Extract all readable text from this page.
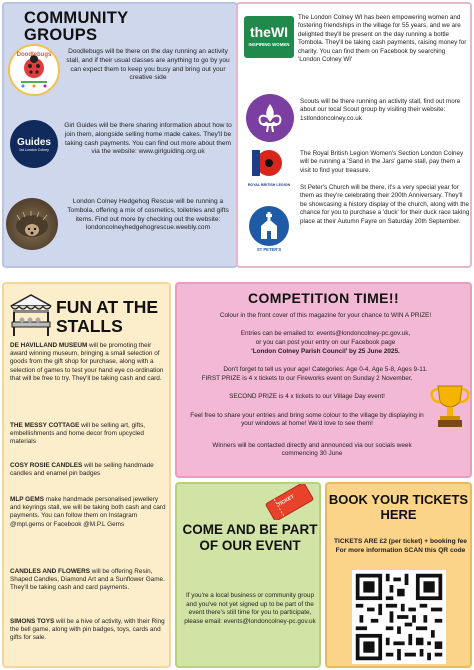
COMMUNITY
GROUPS
Doodlebugs	Doodlebugs will be there on the day running an activity stall, and if their usual classes are anything to go by you can expect them to keep you busy and bring out your creative side
Guides
1st London Colney
Girl Guides will be there sharing information about how to join them, alongside selling home made cakes. They'll be taking cash payments. You can find out more about them via the website: www.girlguiding.org.uk
London Colney Hedgehog Rescue will be running a Tombola, offering a mix of cosmetics, toiletries and gifts items. Find out more by checking out the website: londoncolneyhedgehogrescue.weebly.com
theWI
INSPIRING WOMEN
The London Colney WI has been empowering women and fostering friendships in the village for 55 years, and we are delighted they'll be present on the day running a bottle Tombola. They'll be taking cash payments, raising money for charity. You can find them on Facebook by searching 'London Colney WI'
Scouts will be there running an activity stall, find out more about our local Scout group by visiting their website: 1stlondoncolney.co.uk
ROYAL BRITISH LEGION
The Royal British Legion Women's Section London Colney will be running a 'Sand in the Jars' game stall, pay them a visit to find your treasure.
ST PETER'S
St Peter's Church will be there, it's a very special year for them as they're celebrating their 200th Anniversary. They'll be showcasing a history display of the church, along with the chance for you to purchase a 'duck' for their duck race taking place at their Autumn Fayre on Saturday 20th September.
FUN AT THE
STALLS
DE HAVILLAND MUSEUM will be promoting their award winning museum, bringing a small selection of goods from the gift shop for purchase, along with a selection of games to test your hand eye co-ordination that will be free to try. They'll be taking cash and card.
THE MESSY COTTAGE will be selling art, gifts, embellishments and home decor from upcycled materials
COSY ROSIE CANDLES will be selling handmade candles and enamel pin badges
MLP GEMS make handmade personalised jewellery and keyrings stall, we will be taking both cash and card payments. You can follow them on Instagram @mpl.gems or Facebook @M.P.L Gems
CANDLES AND FLOWERS will be offering Resin, Shaped Candles, Diamond Art and a Sunflower Game. They'll be taking cash and card payments.
SIMONS TOYS will be a hive of activity, with their Ring the bell game, along with pin badges, toys, cards and gifts for sale.
COMPETITION TIME!!
Colour in the front cover of this magazine for your chance to WIN A PRIZE!
Entries can be emailed to: events@londoncolney-pc.gov.uk,
or you can post your entry on our Facebook page
'London Colney Parish Council' by 25 June 2025.
Don't forget to tell us your age! Categories: Age 0-4, Age 5-8, Ages 9-11.
FIRST PRIZE is 4 x tickets to our Fireworks event on Sunday 2 November,
SECOND PRIZE is 4 x tickets to our Village Day event!
Feel free to share your entries and bring some colour to the village by displaying in your windows at home! We'd love to see them!
Winners will be contacted directly and announced via our socials week commencing 30 June
TICKET
COME AND BE PART OF OUR EVENT
If you're a local business or community group and you've not yet signed up to be part of the event there's still time for you to participate, please email: events@londoncolney-pc.gov.uk
BOOK YOUR TICKETS HERE
TICKETS ARE £2 (per ticket) + booking fee For more information SCAN this QR code
